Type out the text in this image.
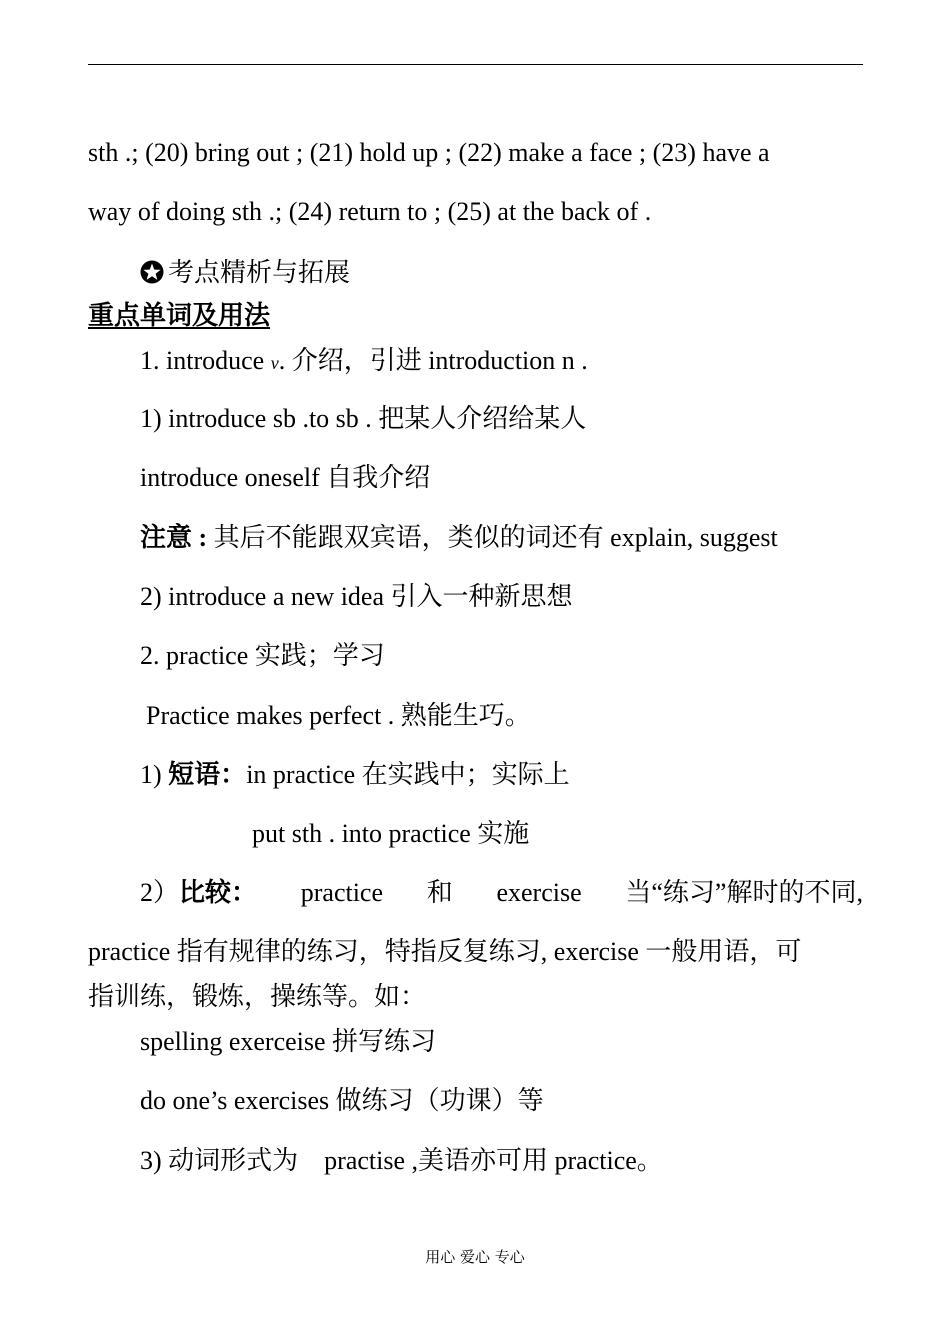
sth .; (20) bring out ; (21) hold up ; (22) make a face ; (23) have a
way of doing sth .; (24) return to ; (25) at the back of .
考点精析与拓展
重点单词及用法
1. introduce v. 介绍，引进 introduction n .
1) introduce sb .to sb . 把某人介绍给某人
introduce oneself 自我介绍
注意 : 其后不能跟双宾语，类似的词还有 explain, suggest
2) introduce a new idea 引入一种新思想
2. practice 实践；学习
Practice makes perfect . 熟能生巧。
1) 短语：in practice 在实践中；实际上
put sth . into practice 实施
2）比较： practice 和 exercise 当“练习”解时的不同,
practice 指有规律的练习，特指反复练习, exercise 一般用语，可
指训练，锻炼，操练等。如：
spelling exerceise 拼写练习
do one’s exercises 做练习（功课）等
3) 动词形式为　practise ,美语亦可用 practice。
用心 爱心 专心
